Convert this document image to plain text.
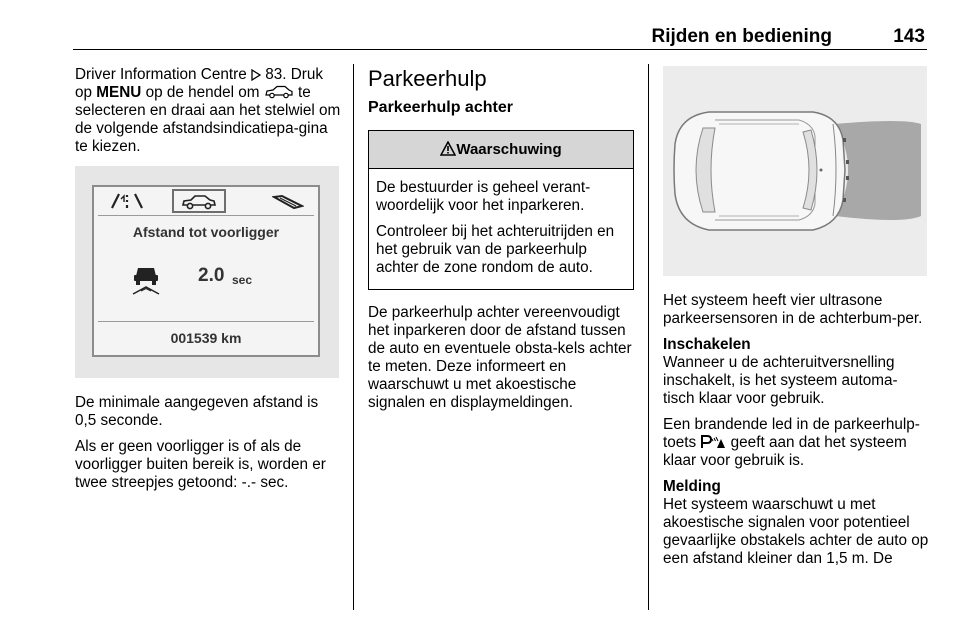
Rijden en bediening	143

Driver Information Centre 83. Druk op MENU op de hendel om	te selecteren en draai aan het stelwiel om de volgende afstandsindicatiepa-gina te kiezen.

Afstand tot voorligger
2.0 sec
001539 km

De minimale aangegeven afstand is 0,5 seconde.

Als er geen voorligger is of als de voorligger buiten bereik is, worden er twee streepjes getoond: -.- sec.

Parkeerhulp
Parkeerhulp achter
Waarschuwing

De bestuurder is geheel verant-woordelijk voor het inparkeren.

Controleer bij het achteruitrijden en het gebruik van de parkeerhulp achter de zone rondom de auto.

De parkeerhulp achter vereenvoudigt het inparkeren door de afstand tussen de auto en eventuele obsta-kels achter te meten. Deze informeert en waarschuwt u met akoestische signalen en displaymeldingen.

Het systeem heeft vier ultrasone parkeersensoren in de achterbum-per.

Inschakelen
Wanneer u de achteruitversnelling inschakelt, is het systeem automa-tisch klaar voor gebruik.

Een brandende led in de parkeerhulp-toets geeft aan dat het systeem klaar voor gebruik is.

Melding
Het systeem waarschuwt u met akoestische signalen voor potentieel gevaarlijke obstakels achter de auto op een afstand kleiner dan 1,5 m. De
